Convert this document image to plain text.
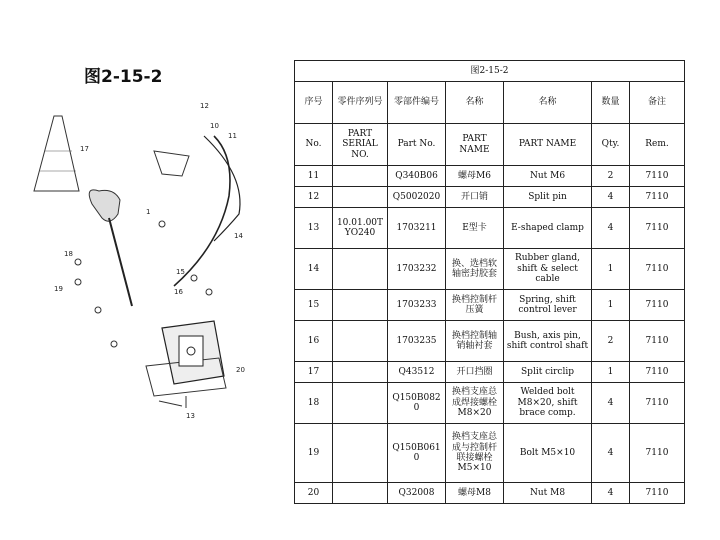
图2-15-2
12
10
11
17
1
18
14
15
19	16
20
13
图2-15-2						
序号	零件序列号	零部件编号	名称	名称	数量	备注
No.	PART SERIAL NO.	Part No.	PART NAME	PART NAME	Qty.	Rem.
11		Q340B06	螺母M6	Nut M6	2	7110
12		Q5002020	开口销	Split pin	4	7110
13	10.01.00T YO240	1703211	E型卡	E-shaped clamp	4	7110
14		1703232	换、选档软轴密封胶套	Rubber gland, shift & select cable	1	7110
15		1703233	换档控制杆压簧	Spring, shift control lever	1	7110
16		1703235	换档控制轴销轴衬套	Bush, axis pin, shift control shaft	2	7110
17		Q43512	开口挡圈	Split circlip	1	7110
18		Q150B082 0	换档支座总成焊接螺栓M8×20	Welded bolt M8×20, shift brace comp.	4	7110
19		Q150B061 0	换档支座总成与控制杆联接螺栓M5×10	Bolt M5×10	4	7110
20		Q32008	螺母M8	Nut M8	4	7110
